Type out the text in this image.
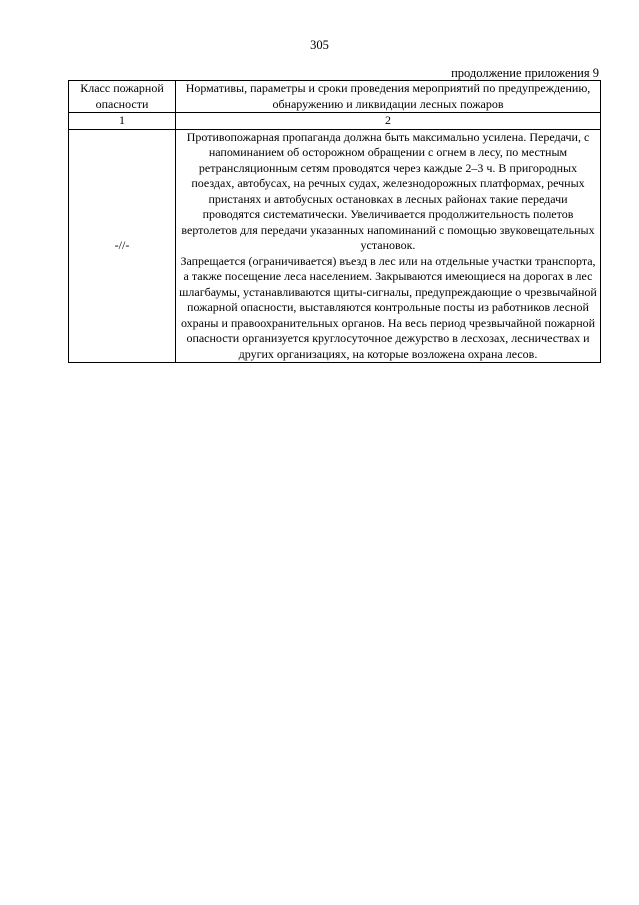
305
продолжение приложения 9
Класс пожарной опасности	Нормативы, параметры и сроки проведения мероприятий по предупреждению, обнаружению и ликвидации лесных пожаров
1	2
-//-	Противопожарная пропаганда должна быть максимально усилена. Передачи, с напоминанием об осторожном обращении с огнем в лесу, по местным ретрансляционным сетям проводятся через каждые 2–3 ч. В пригородных поездах, автобусах, на речных судах, железнодорожных платформах, речных пристанях и автобусных остановках в лесных районах такие передачи проводятся систематически. Увеличивается продолжительность полетов вертолетов для передачи указанных напоминаний с помощью звуковещательных установок.
Запрещается (ограничивается) въезд в лес или на отдельные участки транспорта, а также посещение леса населением. Закрываются имеющиеся на дорогах в лес шлагбаумы, устанавливаются щиты-сигналы, предупреждающие о чрезвычайной пожарной опасности, выставляются контрольные посты из работников лесной охраны и правоохранительных органов. На весь период чрезвычайной пожарной опасности организуется круглосуточное дежурство в лесхозах, лесничествах и других организациях, на которые возложена охрана лесов.
